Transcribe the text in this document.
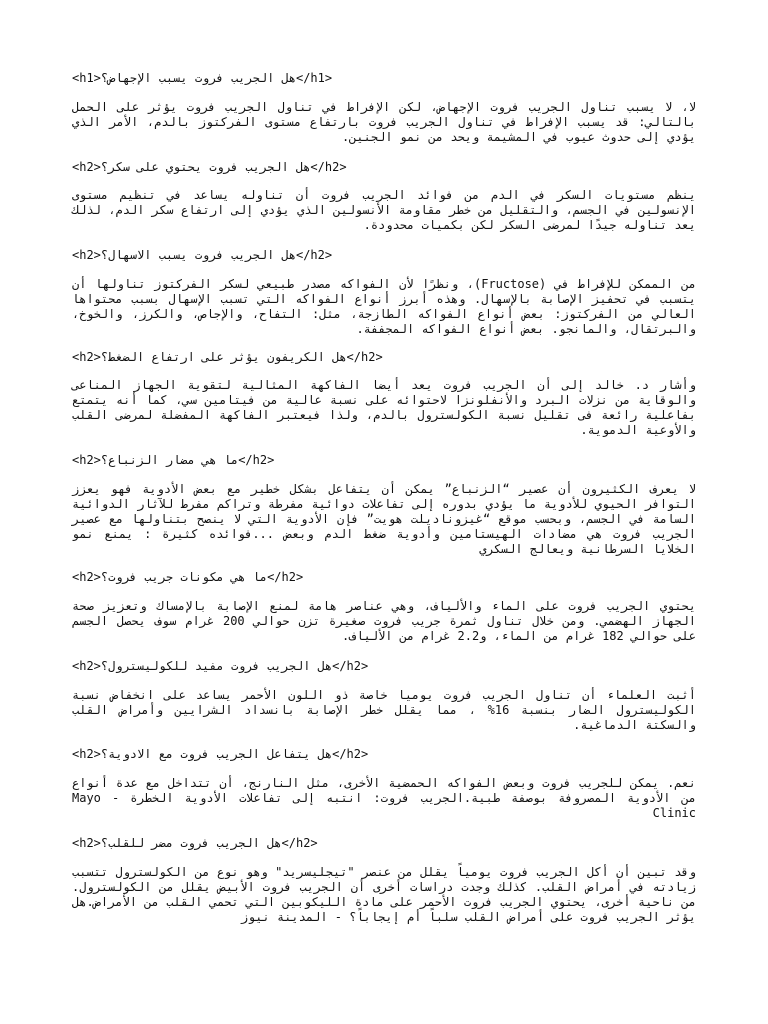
<h1>هل الجريب فروت يسبب الإجهاض؟</h1>
لا، لا يسبب تناول الجريب فروت الإجهاض، لكن الإفراط في تناول الجريب فروت يؤثر على الحمل بالتالي: قد يسبب الإفراط في تناول الجريب فروت بارتفاع مستوى الفركتوز بالدم، الأمر الذي يؤدي إلى حدوث عيوب في المشيمة ويحد من نمو الجنين.
<h2>هل الجريب فروت يحتوي على سكر؟</h2>
ينظم مستويات السكر في الدم من فوائد الجريب فروت أن تناوله يساعد في تنظيم مستوى الإنسولين في الجسم، والتقليل من خطر مقاومة الأنسولين الذي يؤدي إلى ارتفاع سكر الدم، لذلك يعد تناوله جيدًا لمرضى السكر لكن بكميات محدودة.
<h2>هل الجريب فروت يسبب الاسهال؟</h2>
من الممكن للإفراط في (Fructose)، ونظرًا لأن الفواكه مصدر طبيعي لسكر الفركتوز تناولها أن يتسبب في تحفيز الإصابة بالإسهال. وهذه أبرز أنواع الفواكه التي تسبب الإسهال بسبب محتواها العالي من الفركتوز: بعض أنواع الفواكه الطازجة، مثل: التفاح، والإجاص، والكرز، والخوخ، والبرتقال، والمانجو. بعض أنواع الفواكه المجففة.
<h2>هل الكريفون يؤثر على ارتفاع الضغط؟</h2>
وأشار د. خالد إلى أن الجريب فروت يعد أيضا الفاكهة المثالية لتقوية الجهاز المناعى والوقاية من نزلات البرد والأنفلونزا لاحتوائه على نسبة عالية من فيتامين سي، كما أنه يتمتع بفاعلية رائعة فى تقليل نسبة الكولسترول بالدم، ولذا فيعتبر الفاكهة المفضلة لمرضى القلب والأوعية الدموية.
<h2>ما هي مضار الزنباع؟</h2>
لا يعرف الكثيرون أن عصير “الزنباع” يمكن أن يتفاعل بشكل خطير مع بعض الأدوية فهو يعزز التوافر الحيوي للأدوية ما يؤدي بدوره إلى تفاعلات دوائية مفرطة وتراكم مفرط للآثار الدوائية السامة في الجسم، وبحسب موقع “غيزوناديلت هويت” فإن الأدوية التي لا ينصح بتناولها مع عصير الجريب فروت هي مضادات الهيستامين وأدوية ضغط الدم وبعض ...فوائده كثيرة : يمنع نمو الخلايا السرطانية ويعالج السكري
<h2>ما هي مكونات جريب فروت؟</h2>
يحتوي الجريب فروت على الماء والألياف، وهي عناصر هامة لمنع الإصابة بالإمساك وتعزيز صحة الجهاز الهضمي. ومن خلال تناول ثمرة جريب فروت صغيرة تزن حوالي 200 غرام سوف يحصل الجسم على حوالي 182 غرام من الماء، و2.2 غرام من الألياف.
<h2>هل الجريب فروت مفيد للكوليسترول؟</h2>
أثبت العلماء أن تناول الجريب فروت يوميا خاصة ذو اللون الأحمر يساعد على انخفاض نسبة الكوليسترول الضار بنسبة 16% ، مما يقلل خطر الإصابة بانسداد الشرايين وأمراض القلب والسكتة الدماغية.
<h2>هل يتفاعل الجريب فروت مع الادوية؟</h2>
نعم. يمكن للجريب فروت وبعض الفواكه الحمضية الأخرى، مثل النارنج، أن تتداخل مع عدة أنواع من الأدوية المصروفة بوصفة طبية.الجريب فروت: انتبه إلى تفاعلات الأدوية الخطرة - Mayo Clinic
<h2>هل الجريب فروت مضر للقلب؟</h2>
وقد تبين أن أكل الجريب فروت يومياً يقلل من عنصر "تيجليسريد" وهو نوع من الكولسترول تتسبب زيادته في أمراض القلب. كذلك وجدت دراسات أخرى أن الجريب فروت الأبيض يقلل من الكولسترول. من ناحية أخرى، يحتوي الجريب فروت الأحمر على مادة الليكوبين التي تحمي القلب من الأمراض.هل يؤثر الجريب فروت على أمراض القلب سلباً أم إيجاباً؟ - المدينة نيوز
